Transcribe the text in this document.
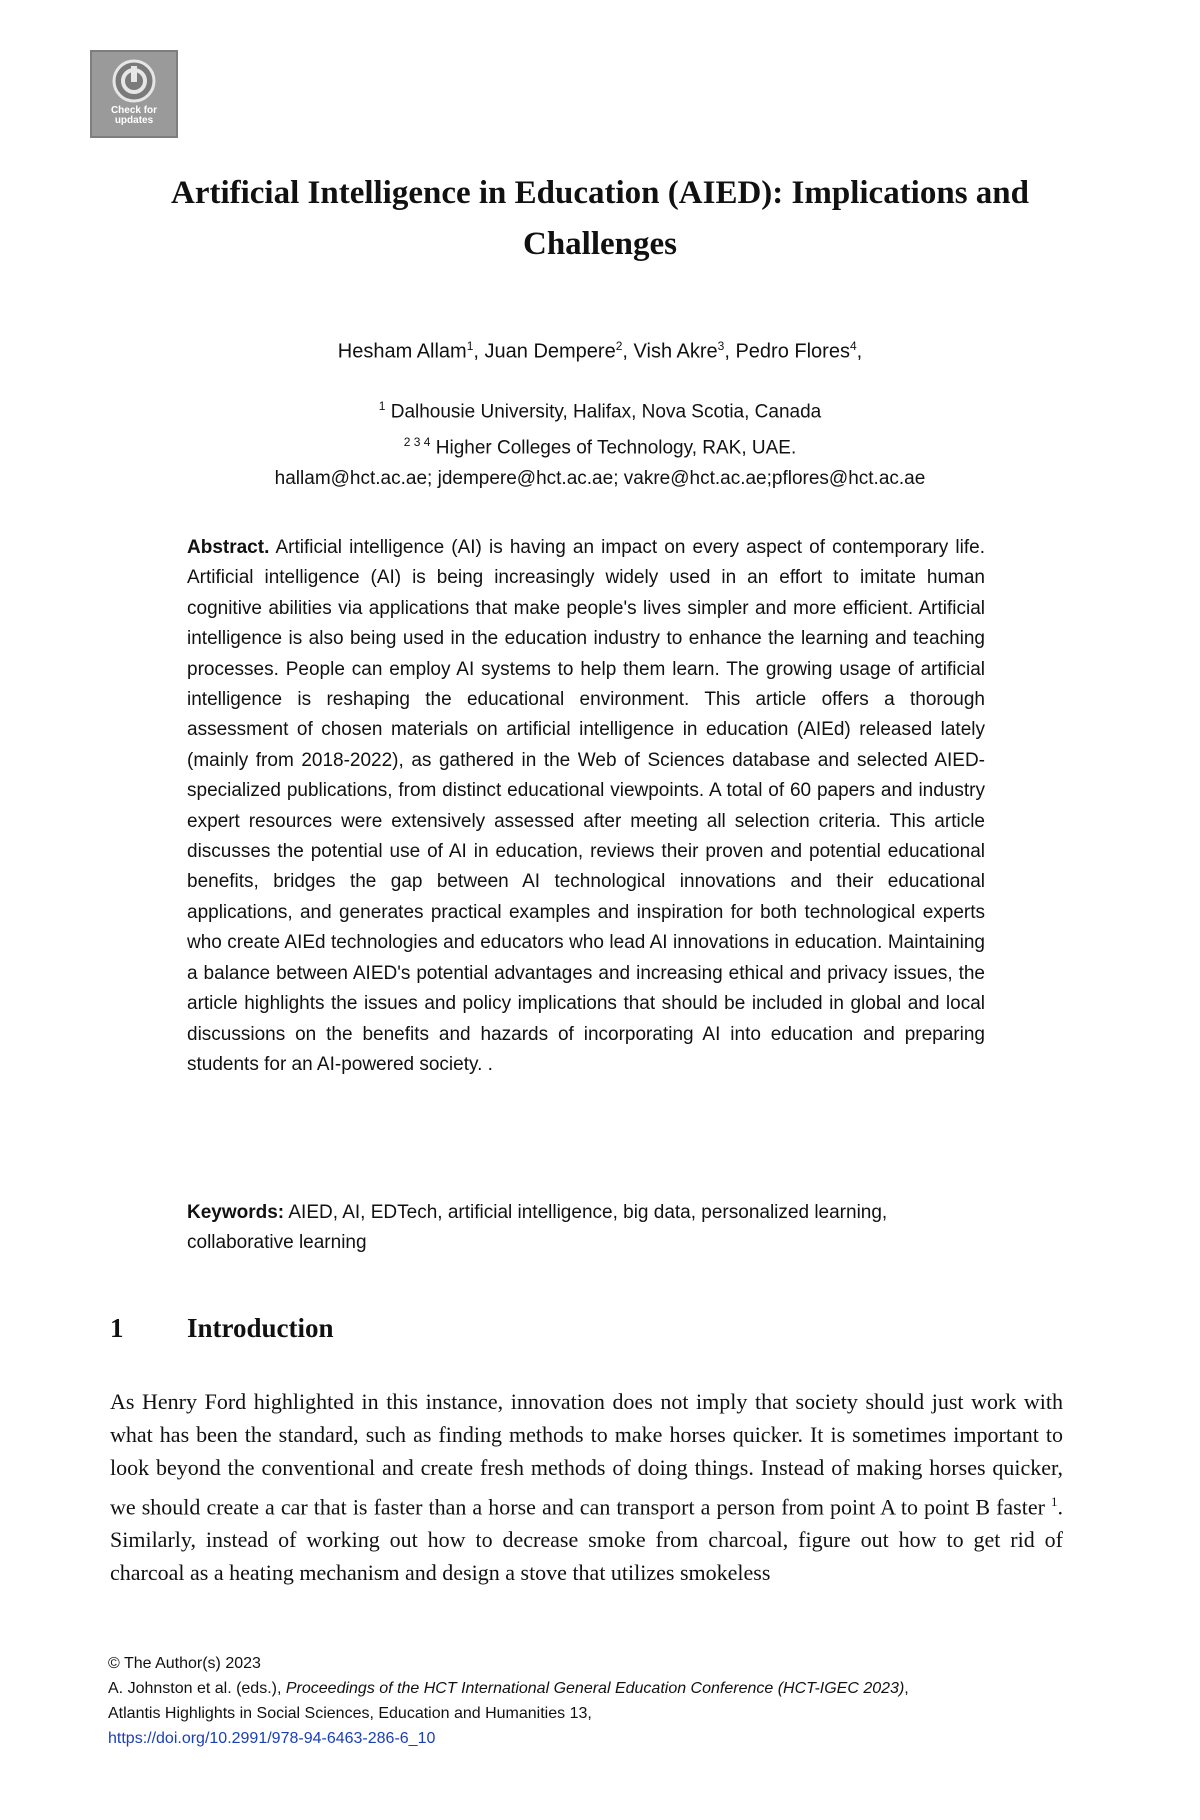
Check for updates
Artificial Intelligence in Education (AIED): Implications and Challenges
Hesham Allam$^1$, Juan Dempere$^2$, Vish Akre$^3$, Pedro Flores$^4$,
$^1$ Dalhousie University, Halifax, Nova Scotia, Canada
$^{2 3 4}$ Higher Colleges of Technology, RAK, UAE.
hallam@hct.ac.ae; jdempere@hct.ac.ae; vakre@hct.ac.ae;pflores@hct.ac.ae

Abstract. Artificial intelligence (AI) is having an impact on every aspect of contemporary life. Artificial intelligence (AI) is being increasingly widely used in an effort to imitate human cognitive abilities via applications that make people's lives simpler and more efficient. Artificial intelligence is also being used in the education industry to enhance the learning and teaching processes. People can employ AI systems to help them learn. The growing usage of artificial intelligence is reshaping the educational environment. This article offers a thorough assessment of chosen materials on artificial intelligence in education (AIEd) released lately (mainly from 2018-2022), as gathered in the Web of Sciences database and selected AIED-specialized publications, from distinct educational viewpoints. A total of 60 papers and industry expert resources were extensively assessed after meeting all selection criteria. This article discusses the potential use of AI in education, reviews their proven and potential educational benefits, bridges the gap between AI technological innovations and their educational applications, and generates practical examples and inspiration for both technological experts who create AIEd technologies and educators who lead AI innovations in education. Maintaining a balance between AIED's potential advantages and increasing ethical and privacy issues, the article highlights the issues and policy implications that should be included in global and local discussions on the benefits and hazards of incorporating AI into education and preparing students for an AI-powered society. .

Keywords: AIED, AI, EDTech, artificial intelligence, big data, personalized learning, collaborative learning

1	Introduction

As Henry Ford highlighted in this instance, innovation does not imply that society should just work with what has been the standard, such as finding methods to make horses quicker. It is sometimes important to look beyond the conventional and create fresh methods of doing things. Instead of making horses quicker, we should create a car that is faster than a horse and can transport a person from point A to point B faster $^1$. Similarly, instead of working out how to decrease smoke from charcoal, figure out how to get rid of charcoal as a heating mechanism and design a stove that utilizes smokeless

© The Author(s) 2023
A. Johnston et al. (eds.), Proceedings of the HCT International General Education Conference (HCT-IGEC 2023),
Atlantis Highlights in Social Sciences, Education and Humanities 13,
https://doi.org/10.2991/978-94-6463-286-6_10
